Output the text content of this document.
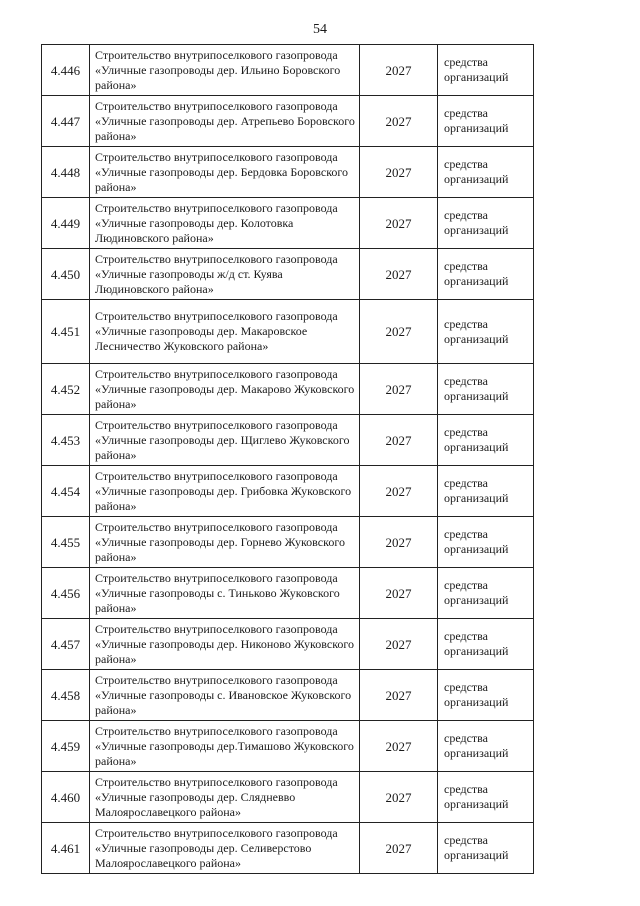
54
4.446	Строительство внутрипоселкового газопровода «Уличные газопроводы дер. Ильино Боровского района»	2027	средства организаций	
4.447	Строительство внутрипоселкового газопровода «Уличные газопроводы дер. Атрепьево Боровского района»	2027	средства организаций	
4.448	Строительство внутрипоселкового газопровода «Уличные газопроводы дер. Бердовка Боровского района»	2027	средства организаций	
4.449	Строительство внутрипоселкового газопровода «Уличные газопроводы дер. Колотовка Людиновского района»	2027	средства организаций	
4.450	Строительство внутрипоселкового газопровода «Уличные газопроводы ж/д ст. Куява Людиновского района»	2027	средства организаций	
4.451	Строительство внутрипоселкового газопровода «Уличные газопроводы дер. Макаровское Лесничество Жуковского района»	2027	средства организаций	
4.452	Строительство внутрипоселкового газопровода «Уличные газопроводы дер. Макарово Жуковского района»	2027	средства организаций	
4.453	Строительство внутрипоселкового газопровода «Уличные газопроводы дер. Щиглево Жуковского района»	2027	средства организаций	
4.454	Строительство внутрипоселкового газопровода «Уличные газопроводы дер. Грибовка Жуковского района»	2027	средства организаций	
4.455	Строительство внутрипоселкового газопровода «Уличные газопроводы дер. Горнево Жуковского района»	2027	средства организаций	
4.456	Строительство внутрипоселкового газопровода «Уличные газопроводы с. Тиньково Жуковского района»	2027	средства организаций	
4.457	Строительство внутрипоселкового газопровода «Уличные газопроводы дер. Никоново Жуковского района»	2027	средства организаций	
4.458	Строительство внутрипоселкового газопровода «Уличные газопроводы с. Ивановское Жуковского района»	2027	средства организаций	
4.459	Строительство внутрипоселкового газопровода «Уличные газопроводы дер.Тимашово Жуковского района»	2027	средства организаций	
4.460	Строительство внутрипоселкового газопровода «Уличные газопроводы дер. Слядневво Малоярославецкого района»	2027	средства организаций	
4.461	Строительство внутрипоселкового газопровода «Уличные газопроводы дер. Селиверстово Малоярославецкого района»	2027	средства организаций	
